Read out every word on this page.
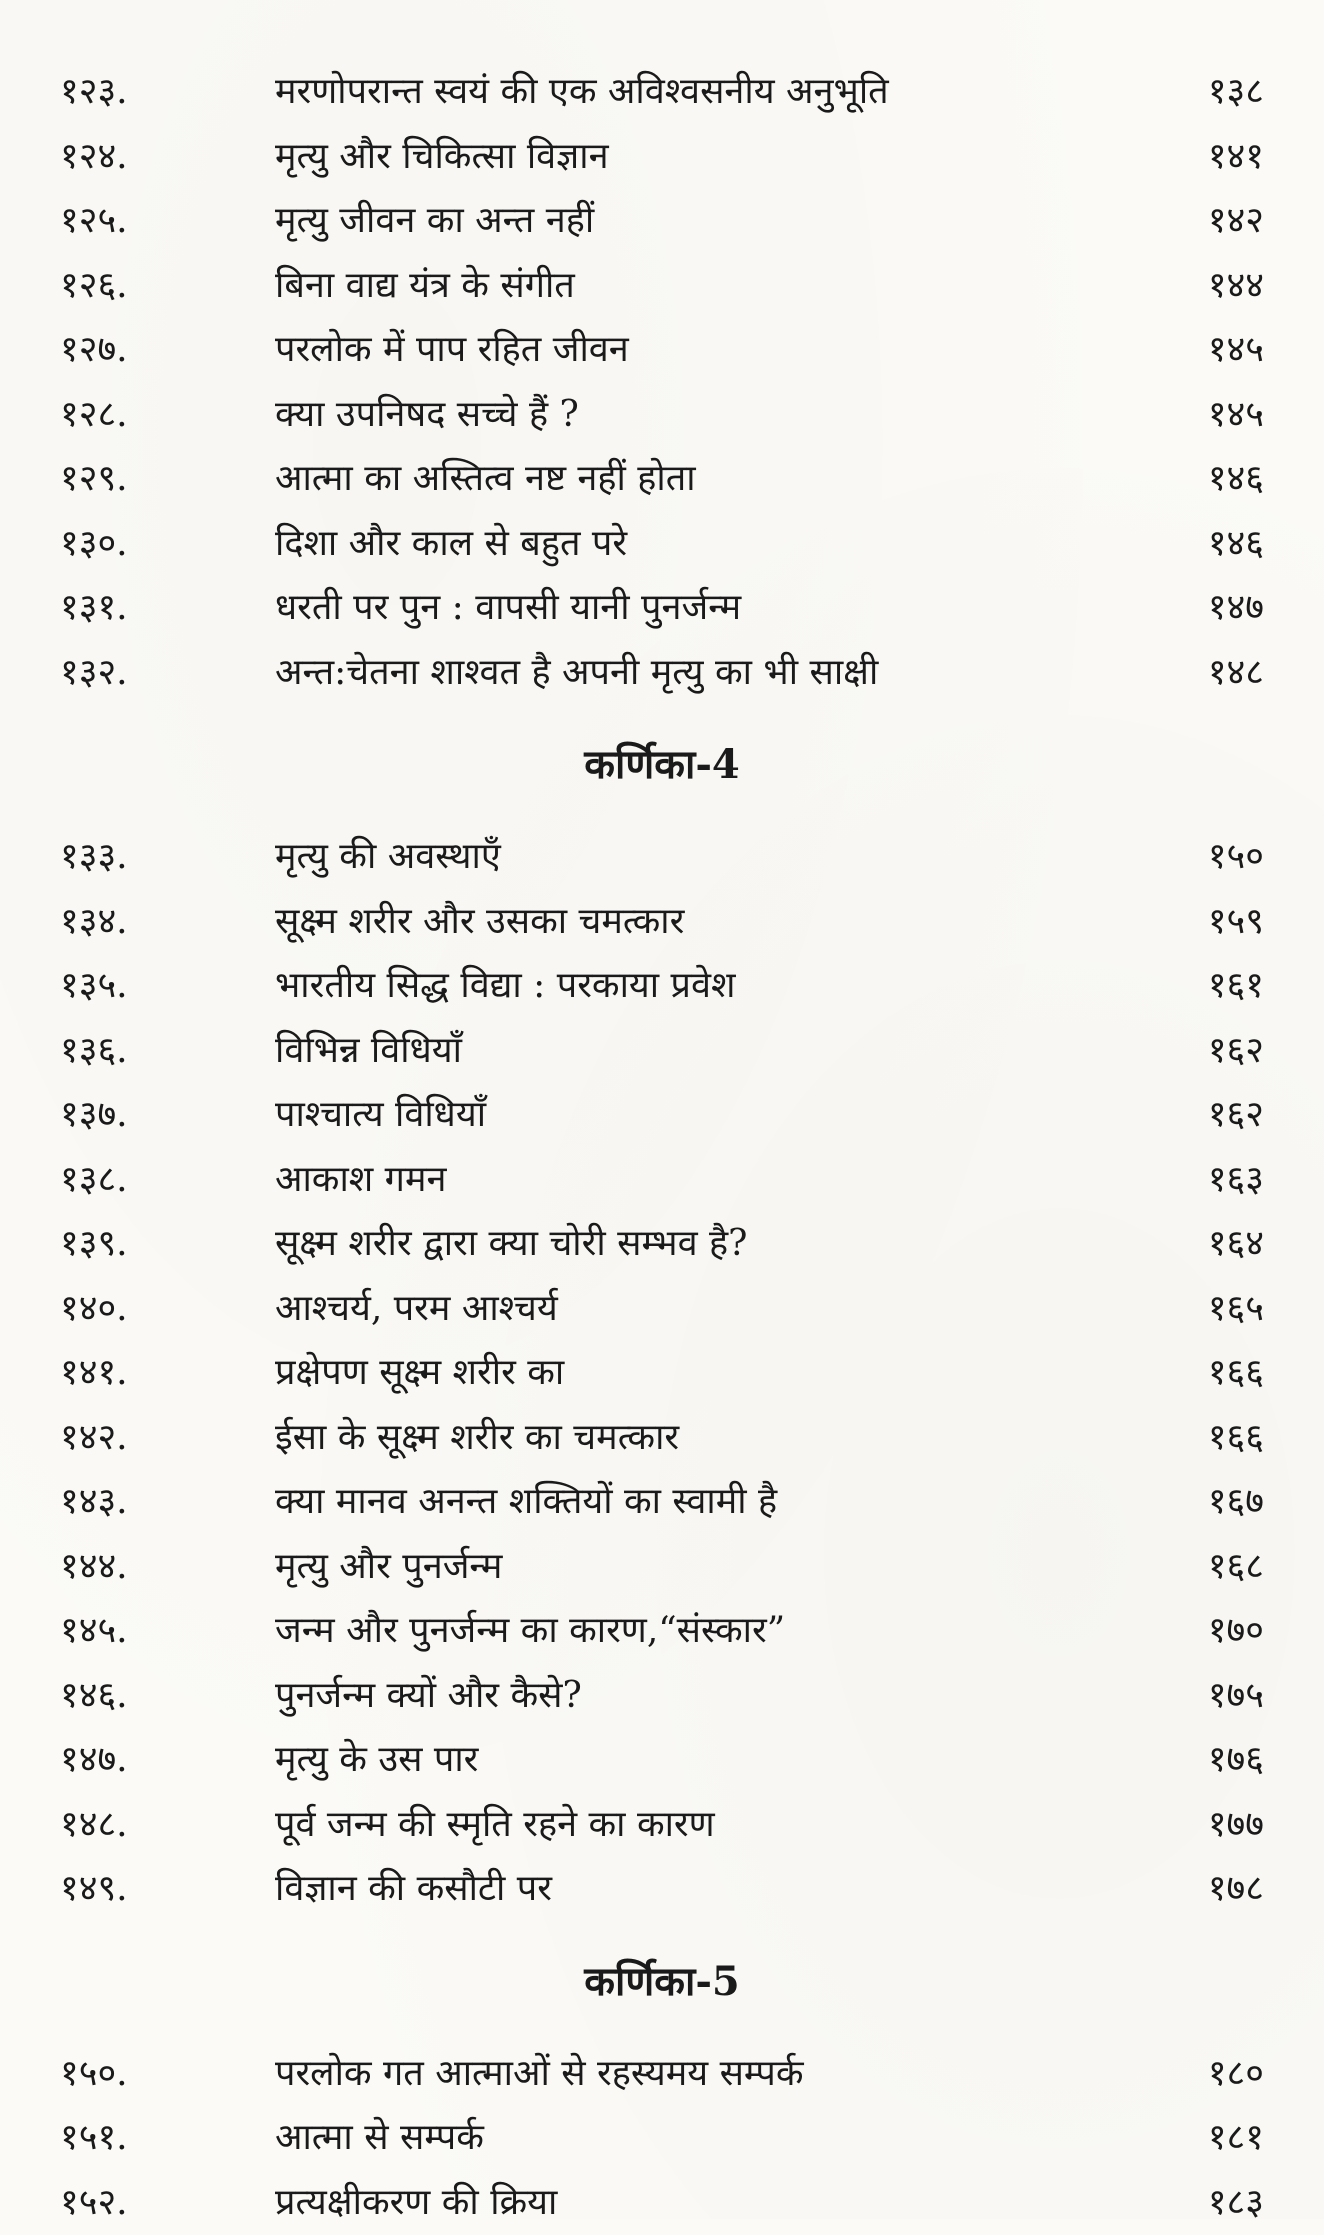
१२३.	मरणोपरान्त स्वयं की एक अविश्वसनीय अनुभूति	१३८
१२४.	मृत्यु और चिकित्सा विज्ञान	१४१
१२५.	मृत्यु जीवन का अन्त नहीं	१४२
१२६.	बिना वाद्य यंत्र के संगीत	१४४
१२७.	परलोक में पाप रहित जीवन	१४५
१२८.	क्या उपनिषद सच्चे हैं ?	१४५
१२९.	आत्मा का अस्तित्व नष्ट नहीं होता	१४६
१३०.	दिशा और काल से बहुत परे	१४६
१३१.	धरती पर पुन : वापसी यानी पुनर्जन्म	१४७
१३२.	अन्त:चेतना शाश्वत है अपनी मृत्यु का भी साक्षी	१४८
कर्णिका-4
१३३.	मृत्यु की अवस्थाएँ	१५०
१३४.	सूक्ष्म शरीर और उसका चमत्कार	१५९
१३५.	भारतीय सिद्ध विद्या : परकाया प्रवेश	१६१
१३६.	विभिन्न विधियाँ	१६२
१३७.	पाश्चात्य विधियाँ	१६२
१३८.	आकाश गमन	१६३
१३९.	सूक्ष्म शरीर द्वारा क्या चोरी सम्भव है?	१६४
१४०.	आश्चर्य, परम आश्चर्य	१६५
१४१.	प्रक्षेपण सूक्ष्म शरीर का	१६६
१४२.	ईसा के सूक्ष्म शरीर का चमत्कार	१६६
१४३.	क्या मानव अनन्त शक्तियों का स्वामी है	१६७
१४४.	मृत्यु और पुनर्जन्म	१६८
१४५.	जन्म और पुनर्जन्म का कारण,“संस्कार”	१७०
१४६.	पुनर्जन्म क्यों और कैसे?	१७५
१४७.	मृत्यु के उस पार	१७६
१४८.	पूर्व जन्म की स्मृति रहने का कारण	१७७
१४९.	विज्ञान की कसौटी पर	१७८
कर्णिका-5
१५०.	परलोक गत आत्माओं से रहस्यमय सम्पर्क	१८०
१५१.	आत्मा से सम्पर्क	१८१
१५२.	प्रत्यक्षीकरण की क्रिया	१८३
